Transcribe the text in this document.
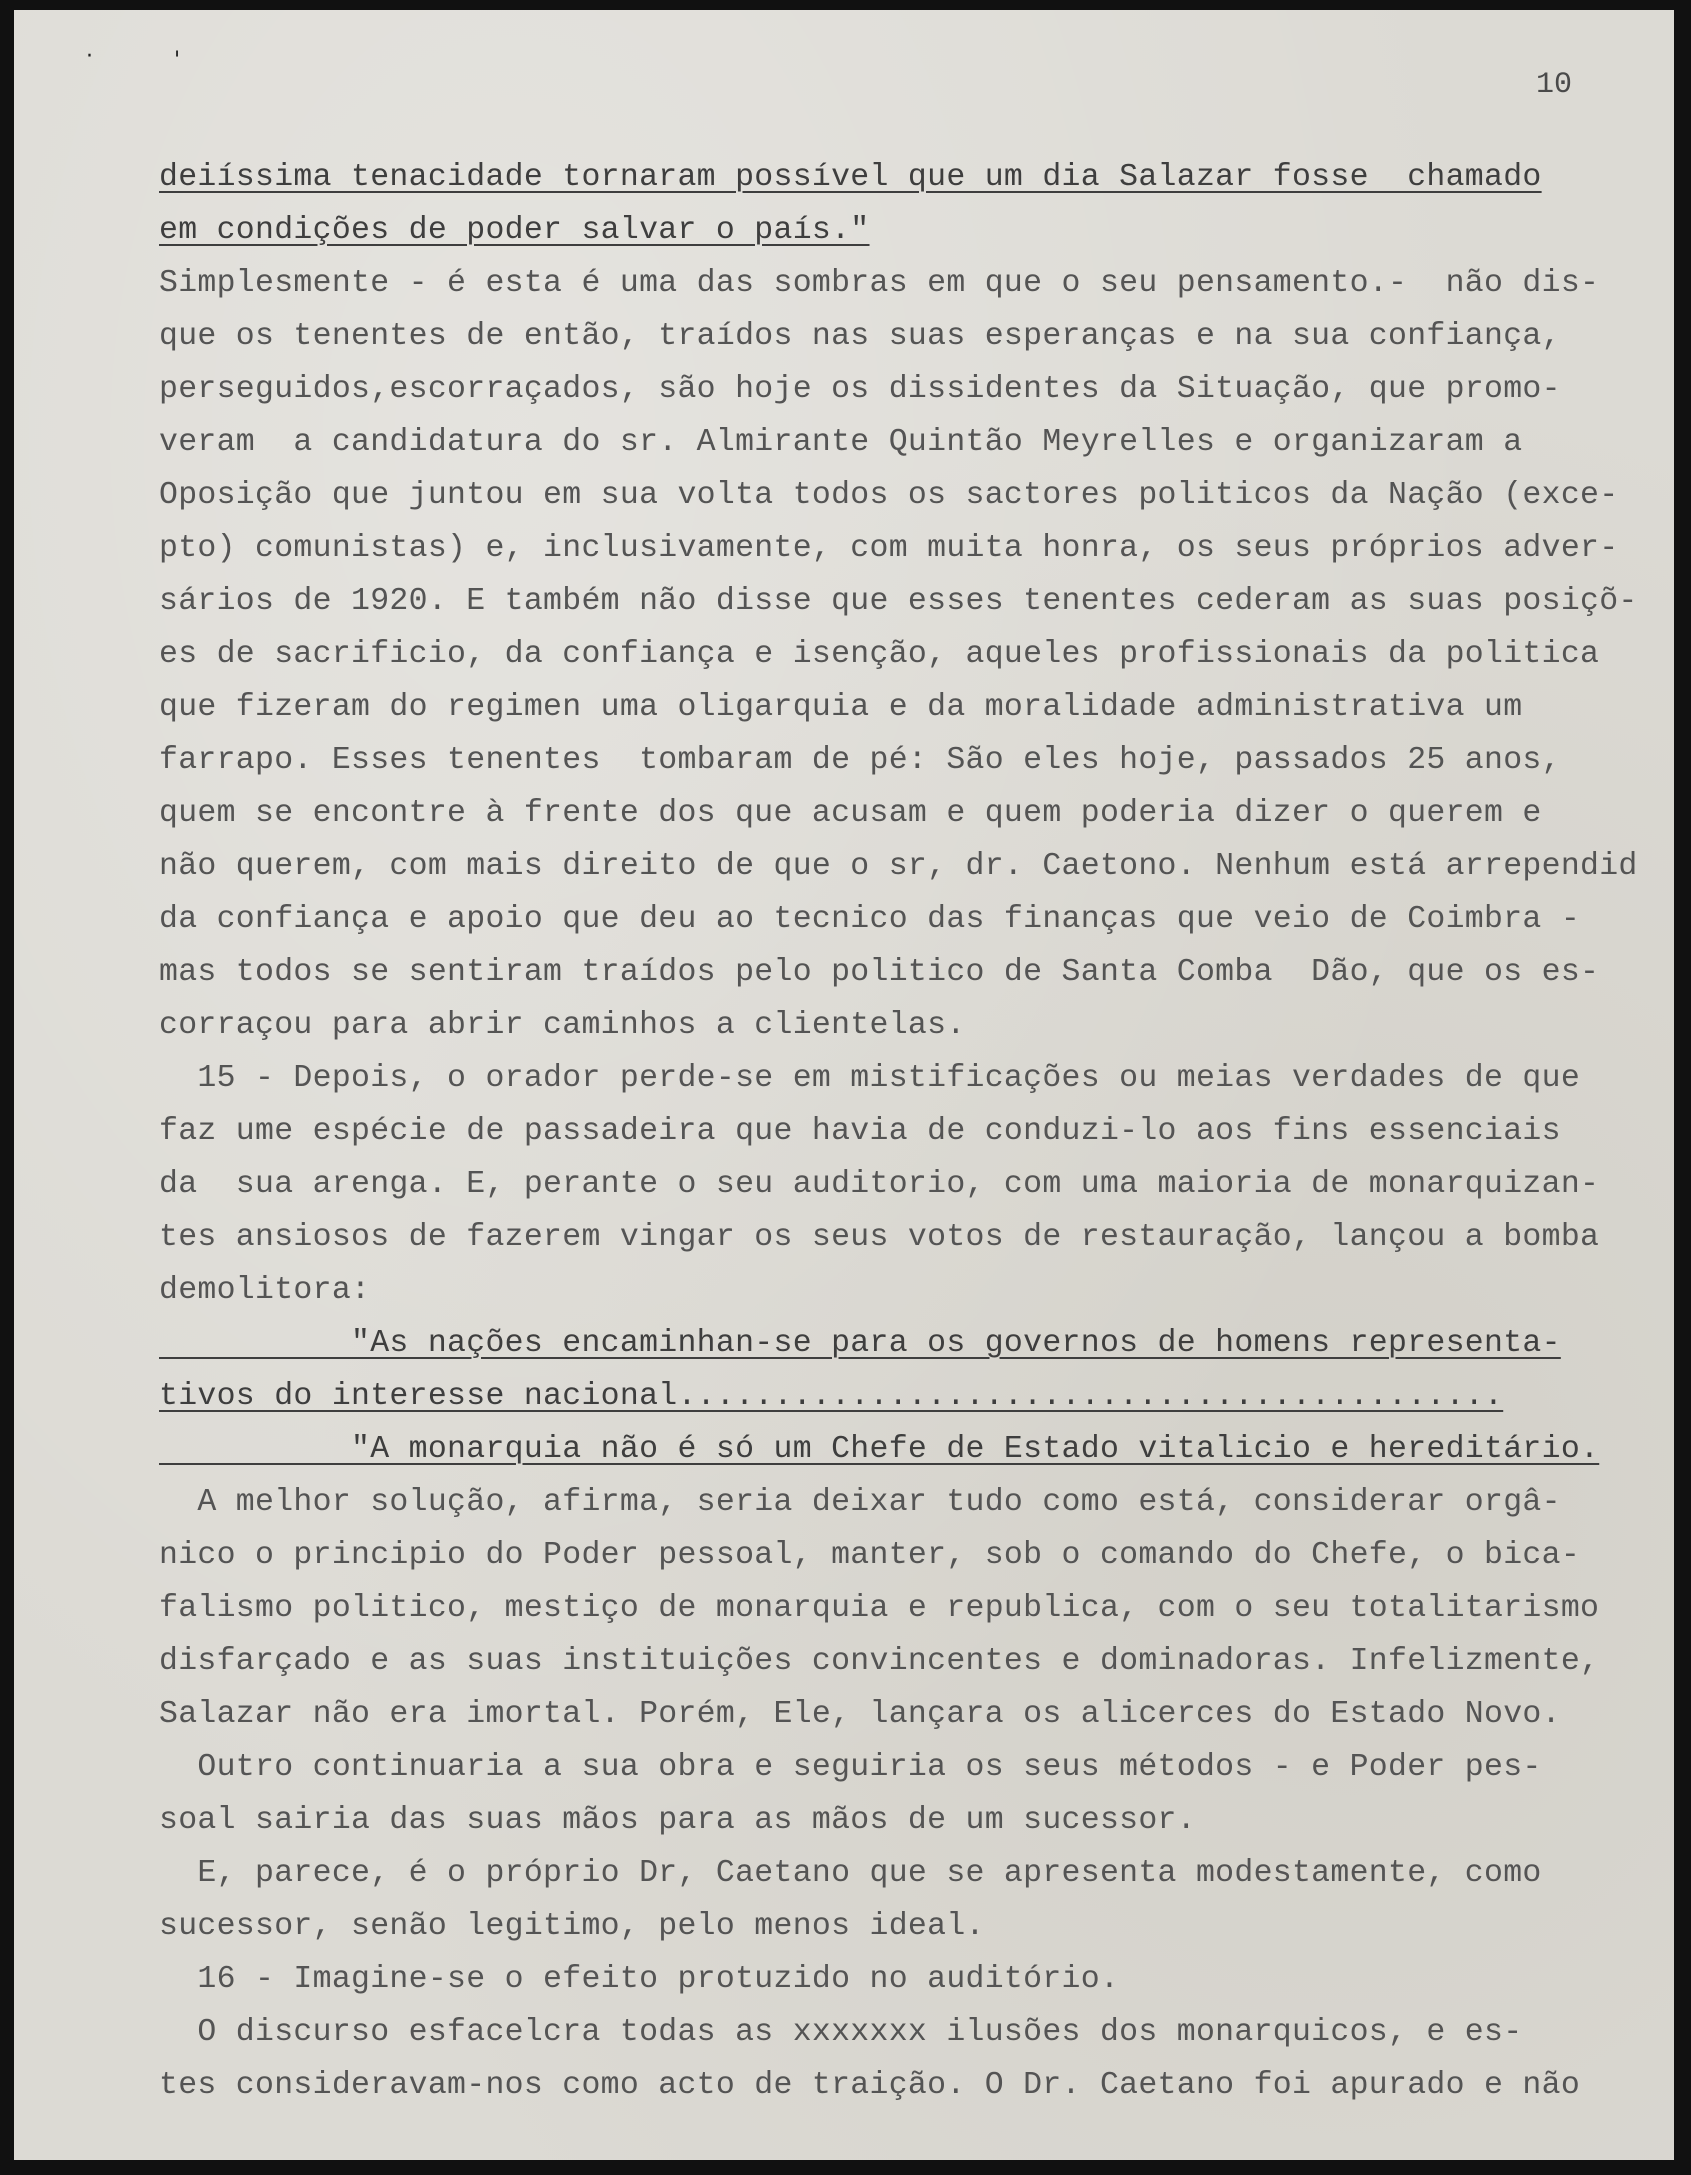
·	'
10
deiíssima tenacidade tornaram possível que um dia Salazar fosse  chamado
em condições de poder salvar o país."
Simplesmente - é esta é uma das sombras em que o seu pensamento.-  não dis-
que os tenentes de então, traídos nas suas esperanças e na sua confiança,
perseguidos,escorraçados, são hoje os dissidentes da Situação, que promo-
veram  a candidatura do sr. Almirante Quintão Meyrelles e organizaram a
Oposição que juntou em sua volta todos os sactores politicos da Nação (exce-
pto) comunistas) e, inclusivamente, com muita honra, os seus próprios adver-
sários de 1920. E também não disse que esses tenentes cederam as suas posiçõ-
es de sacrificio, da confiança e isenção, aqueles profissionais da politica
que fizeram do regimen uma oligarquia e da moralidade administrativa um
farrapo. Esses tenentes  tombaram de pé: São eles hoje, passados 25 anos,
quem se encontre à frente dos que acusam e quem poderia dizer o querem e
não querem, com mais direito de que o sr, dr. Caetono. Nenhum está arrependid
da confiança e apoio que deu ao tecnico das finanças que veio de Coimbra -
mas todos se sentiram traídos pelo politico de Santa Comba  Dão, que os es-
corraçou para abrir caminhos a clientelas.
15 - Depois, o orador perde-se em mistificações ou meias verdades de que
faz ume espécie de passadeira que havia de conduzi-lo aos fins essenciais
da  sua arenga. E, perante o seu auditorio, com uma maioria de monarquizan-
tes ansiosos de fazerem vingar os seus votos de restauração, lançou a bomba
demolitora:
"As nações encaminhan-se para os governos de homens representa-
tivos do interesse nacional...........................................
"A monarquia não é só um Chefe de Estado vitalicio e hereditário.
A melhor solução, afirma, seria deixar tudo como está, considerar orgâ-
nico o principio do Poder pessoal, manter, sob o comando do Chefe, o bica-
falismo politico, mestiço de monarquia e republica, com o seu totalitarismo
disfarçado e as suas instituições convincentes e dominadoras. Infelizmente,
Salazar não era imortal. Porém, Ele, lançara os alicerces do Estado Novo.
Outro continuaria a sua obra e seguiria os seus métodos - e Poder pes-
soal sairia das suas mãos para as mãos de um sucessor.
E, parece, é o próprio Dr, Caetano que se apresenta modestamente, como
sucessor, senão legitimo, pelo menos ideal.
16 - Imagine-se o efeito protuzido no auditório.
O discurso esfacelcra todas as xxxxxxx ilusões dos monarquicos, e es-
tes consideravam-nos como acto de traição. O Dr. Caetano foi apurado e não
